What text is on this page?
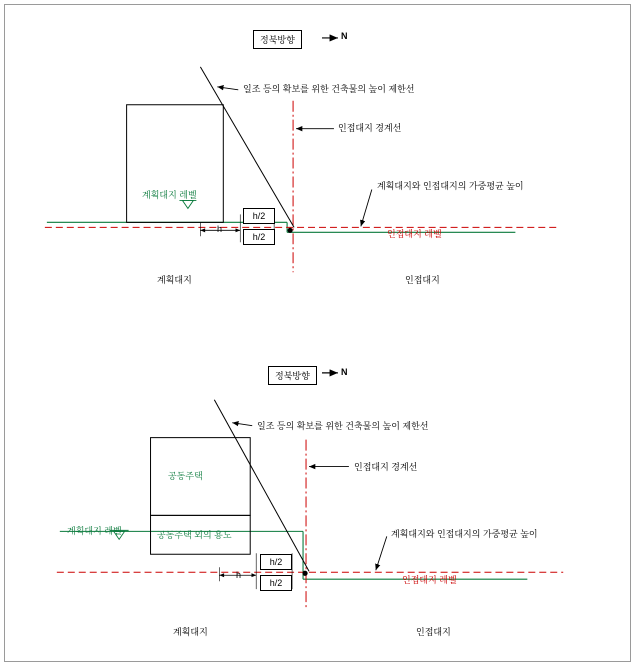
정북방향	N
일조 등의 확보를 위한 건축물의 높이 제한선
인접대지 경계선
계획대지와 인접대지의 가중평균 높이
계획대지 레벨
인접대지 레벨
h
h/2
h/2
계획대지	인접대지
정북방향	N
일조 등의 확보를 위한 건축물의 높이 제한선
인접대지 경계선
계획대지와 인접대지의 가중평균 높이
계획대지 레벨
인접대지 레벨
공동주택
공동주택 외의 용도
h
h/2
h/2
계획대지	인접대지
